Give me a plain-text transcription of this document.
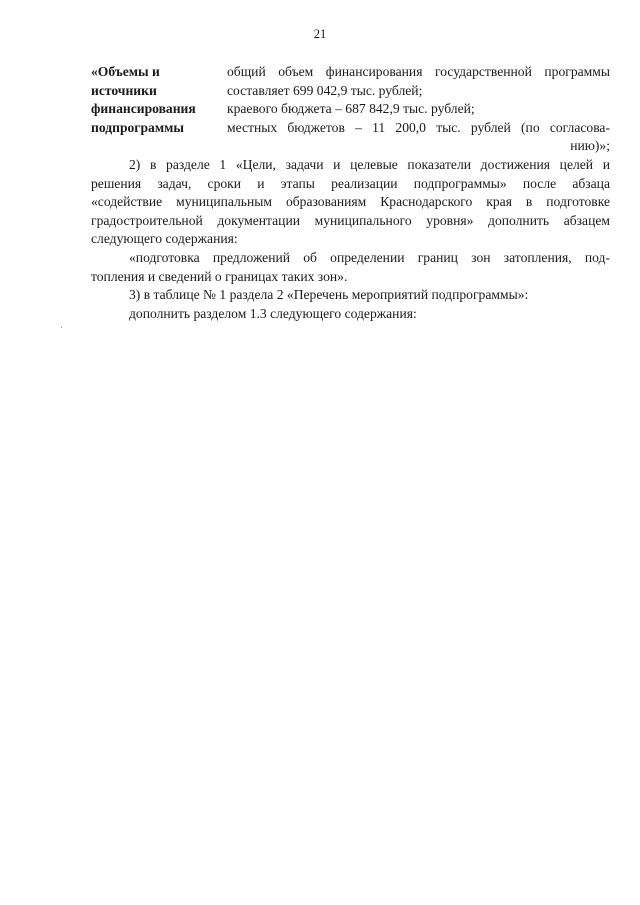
21
«Объемы и
источники
финансирования
подпрограммы
общий объем финансирования государственной программы
составляет 699 042,9 тыс. рублей;
краевого бюджета – 687 842,9 тыс. рублей;
местных бюджетов – 11 200,0 тыс. рублей (по согласова-
нию)»;
2) в разделе 1 «Цели, задачи и целевые показатели достижения целей и
решения задач, сроки и этапы реализации подпрограммы» после абзаца
«содействие муниципальным образованиям Краснодарского края в подготовке
градостроительной документации муниципального уровня» дополнить абзацем
следующего содержания:
«подготовка предложений об определении границ зон затопления, под-
топления и сведений о границах таких зон».
3) в таблице № 1 раздела 2 «Перечень мероприятий подпрограммы»:
дополнить разделом 1.3 следующего содержания:
